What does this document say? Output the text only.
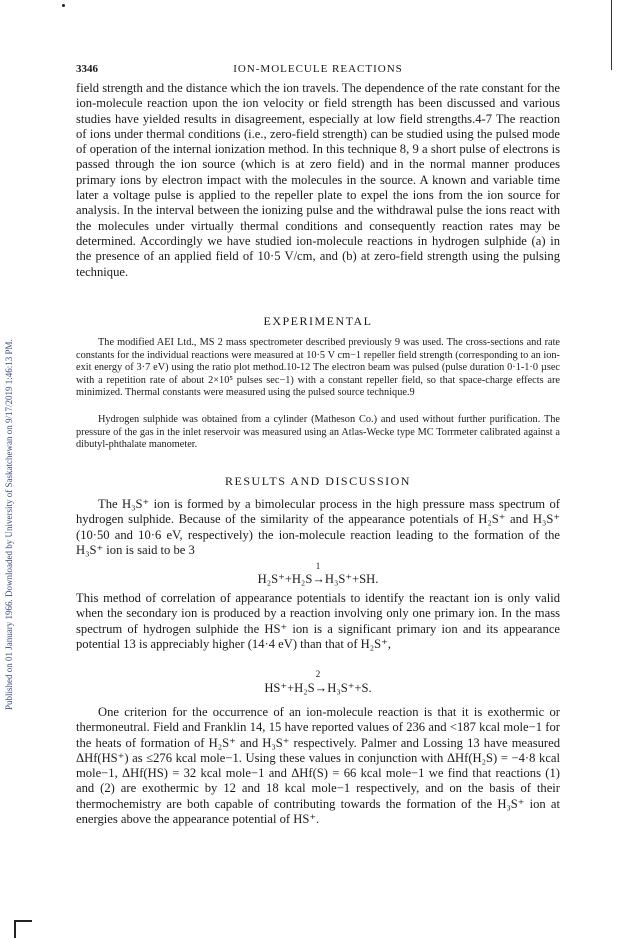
Published on 01 January 1966. Downloaded by University of Saskatchewan on 9/17/2019 1:46:13 PM.
3346	ION-MOLECULE REACTIONS
field strength and the distance which the ion travels. The dependence of the rate constant for the ion-molecule reaction upon the ion velocity or field strength has been discussed and various studies have yielded results in disagreement, especially at low field strengths.4-7 The reaction of ions under thermal conditions (i.e., zero-field strength) can be studied using the pulsed mode of operation of the internal ionization method. In this technique 8, 9 a short pulse of electrons is passed through the ion source (which is at zero field) and in the normal manner produces primary ions by electron impact with the molecules in the source. A known and variable time later a voltage pulse is applied to the repeller plate to expel the ions from the ion source for analysis. In the interval between the ionizing pulse and the withdrawal pulse the ions react with the molecules under virtually thermal conditions and consequently reaction rates may be determined. Accordingly we have studied ion-molecule reactions in hydrogen sulphide (a) in the presence of an applied field of 10·5 V/cm, and (b) at zero-field strength using the pulsing technique.
EXPERIMENTAL
The modified AEI Ltd., MS 2 mass spectrometer described previously 9 was used. The cross-sections and rate constants for the individual reactions were measured at 10·5 V cm−1 repeller field strength (corresponding to an ion-exit energy of 3·7 eV) using the ratio plot method.10-12 The electron beam was pulsed (pulse duration 0·1-1·0 µsec with a repetition rate of about 2×10⁵ pulses sec−1) with a constant repeller field, so that space-charge effects are minimized. Thermal constants were measured using the pulsed source technique.9
Hydrogen sulphide was obtained from a cylinder (Matheson Co.) and used without further purification. The pressure of the gas in the inlet reservoir was measured using an Atlas-Wecke type MC Torrmeter calibrated against a dibutyl-phthalate manometer.
RESULTS AND DISCUSSION
The H₃S⁺ ion is formed by a bimolecular process in the high pressure mass spectrum of hydrogen sulphide. Because of the similarity of the appearance potentials of H₂S⁺ and H₃S⁺ (10·50 and 10·6 eV, respectively) the ion-molecule reaction leading to the formation of the H₃S⁺ ion is said to be 3
1
H₂S⁺+H₂S→H₃S⁺+SH.
This method of correlation of appearance potentials to identify the reactant ion is only valid when the secondary ion is produced by a reaction involving only one primary ion. In the mass spectrum of hydrogen sulphide the HS⁺ ion is a significant primary ion and its appearance potential 13 is appreciably higher (14·4 eV) than that of H₂S⁺,
2
HS⁺+H₂S→H₃S⁺+S.
One criterion for the occurrence of an ion-molecule reaction is that it is exothermic or thermoneutral. Field and Franklin 14, 15 have reported values of 236 and <187 kcal mole−1 for the heats of formation of H₂S⁺ and H₃S⁺ respectively. Palmer and Lossing 13 have measured ΔHf(HS⁺) as ≤276 kcal mole−1. Using these values in conjunction with ΔHf(H₂S) = −4·8 kcal mole−1, ΔHf(HS) = 32 kcal mole−1 and ΔHf(S) = 66 kcal mole−1 we find that reactions (1) and (2) are exothermic by 12 and 18 kcal mole−1 respectively, and on the basis of their thermochemistry are both capable of contributing towards the formation of the H₃S⁺ ion at energies above the appearance potential of HS⁺.
